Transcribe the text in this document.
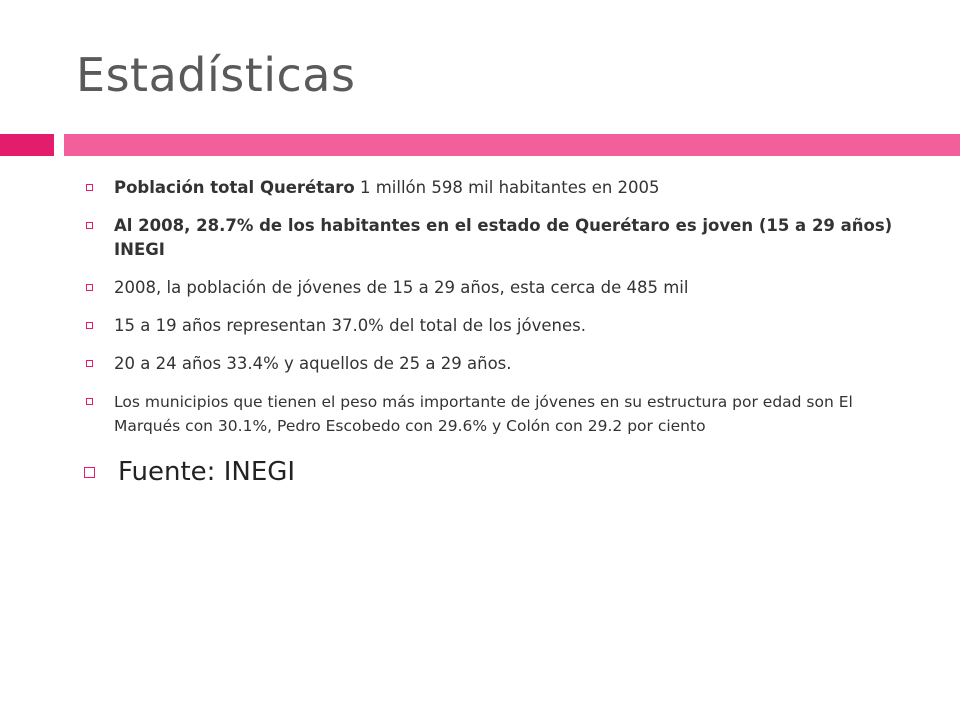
Estadísticas
Población total Querétaro 1 millón 598 mil habitantes en 2005
Al 2008, 28.7% de los habitantes en el estado de Querétaro es joven (15 a 29 años) INEGI
2008, la población de jóvenes de 15 a 29 años, esta cerca de 485 mil
15 a 19 años representan 37.0% del total de los jóvenes.
20 a 24 años 33.4% y aquellos de 25 a 29 años.
Los municipios que tienen el peso más importante de jóvenes en su estructura por edad son El Marqués con 30.1%, Pedro Escobedo con 29.6% y Colón con 29.2 por ciento
Fuente: INEGI
